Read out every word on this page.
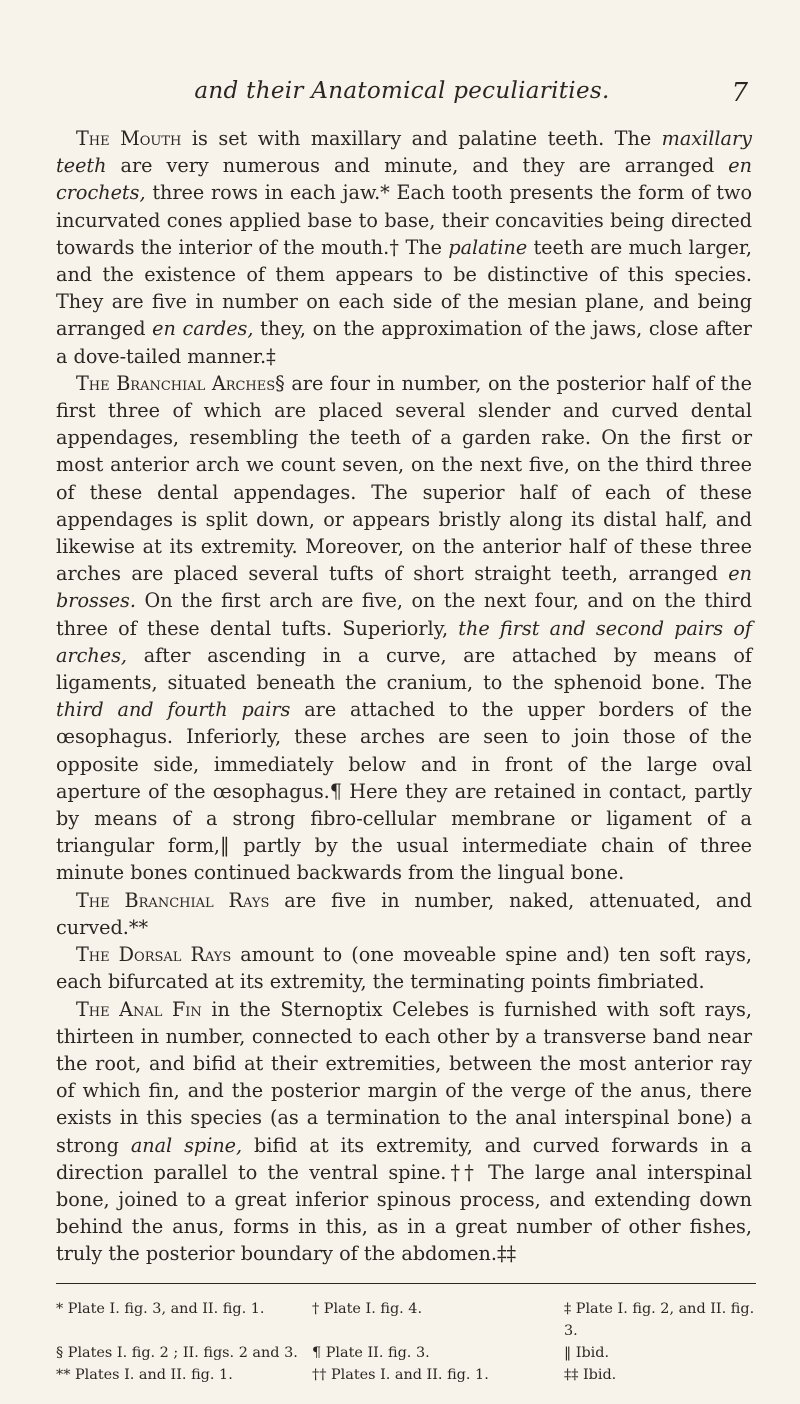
and their Anatomical peculiarities.	7

The Mouth is set with maxillary and palatine teeth. The maxillary teeth are very numerous and minute, and they are arranged en crochets, three rows in each jaw.* Each tooth presents the form of two incurvated cones applied base to base, their concavities being directed towards the interior of the mouth.† The palatine teeth are much larger, and the existence of them appears to be distinctive of this species. They are five in number on each side of the mesian plane, and being arranged en cardes, they, on the approximation of the jaws, close after a dove-tailed manner.‡

The Branchial Arches§ are four in number, on the posterior half of the first three of which are placed several slender and curved dental appendages, resembling the teeth of a garden rake. On the first or most anterior arch we count seven, on the next five, on the third three of these dental appendages. The superior half of each of these appendages is split down, or appears bristly along its distal half, and likewise at its extremity. Moreover, on the anterior half of these three arches are placed several tufts of short straight teeth, arranged en brosses. On the first arch are five, on the next four, and on the third three of these dental tufts. Superiorly, the first and second pairs of arches, after ascending in a curve, are attached by means of ligaments, situated beneath the cranium, to the sphenoid bone. The third and fourth pairs are attached to the upper borders of the œsophagus. Inferiorly, these arches are seen to join those of the opposite side, immediately below and in front of the large oval aperture of the œsophagus.¶ Here they are retained in contact, partly by means of a strong fibro-cellular membrane or ligament of a triangular form,‖ partly by the usual intermediate chain of three minute bones continued backwards from the lingual bone.

The Branchial Rays are five in number, naked, attenuated, and curved.**

The Dorsal Rays amount to (one moveable spine and) ten soft rays, each bifurcated at its extremity, the terminating points fimbriated.

The Anal Fin in the Sternoptix Celebes is furnished with soft rays, thirteen in number, connected to each other by a transverse band near the root, and bifid at their extremities, between the most anterior ray of which fin, and the posterior margin of the verge of the anus, there exists in this species (as a termination to the anal interspinal bone) a strong anal spine, bifid at its extremity, and curved forwards in a direction parallel to the ventral spine.†† The large anal interspinal bone, joined to a great inferior spinous process, and extending down behind the anus, forms in this, as in a great number of other fishes, truly the posterior boundary of the abdomen.‡‡

* Plate I. fig. 3, and II. fig. 1.	† Plate I. fig. 4.	‡ Plate I. fig. 2, and II. fig. 3.
§ Plates I. fig. 2 ; II. figs. 2 and 3. ¶ Plate II. fig. 3.	‖ Ibid.
** Plates I. and II. fig. 1.	†† Plates I. and II. fig. 1.	‡‡ Ibid.
